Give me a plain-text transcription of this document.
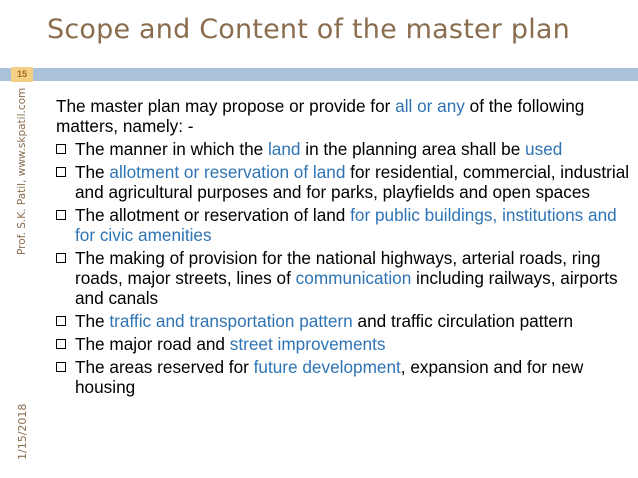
Scope and Content of the master plan
15
Prof. S.K. Patil, www.skpatil.com
1/15/2018
The master plan may propose or provide for all or any of the following matters, namely: -
The manner in which the land in the planning area shall be used
The allotment or reservation of land for residential, commercial, industrial and agricultural purposes and for parks, playfields and open spaces
The allotment or reservation of land for public buildings, institutions and for civic amenities
The making of provision for the national highways, arterial roads, ring roads, major streets, lines of communication including railways, airports and canals
The traffic and transportation pattern and traffic circulation pattern
The major road and street improvements
The areas reserved for future development, expansion and for new housing
